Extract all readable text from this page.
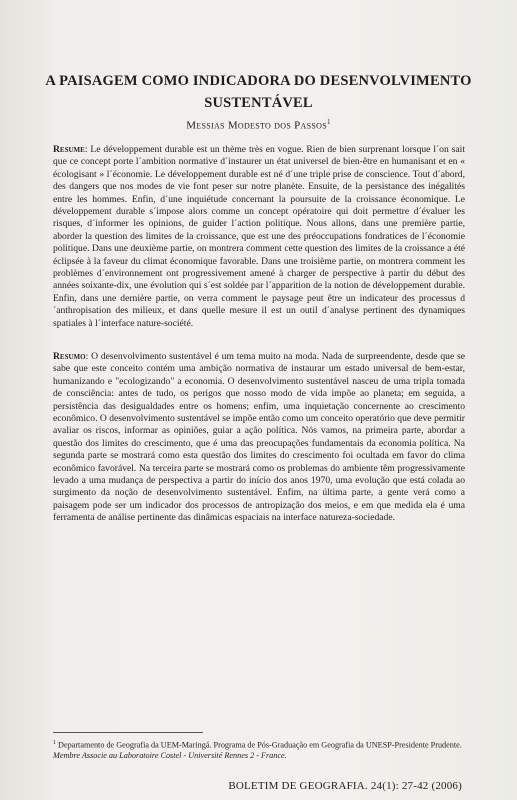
A PAISAGEM COMO INDICADORA DO DESENVOLVIMENTO SUSTENTÁVEL
Messias Modesto dos Passos$^1$

Resume: Le développement durable est un thème très en vogue. Rien de bien surprenant lorsque l´on sait que ce concept porte l´ambition normative d´instaurer un état universel de bien-être en humanisant et en « écologisant » l´économie. Le développement durable est né d´une triple prise de conscience. Tout d´abord, des dangers que nos modes de vie font peser sur notre planète. Ensuite, de la persistance des inégalités entre les hommes. Enfin, d´une inquiétude concernant la poursuite de la croissance économique. Le développement durable s´impose alors comme un concept opératoire qui doit permettre d´évaluer les risques, d´informer les opinions, de guider l´action politique. Nous allons, dans une première partie, aborder la question des limites de la croissance, que est une des préoccupations fondratices de l´économie politique. Dans une deuxième partie, on montrera comment cette question des limites de la croissance a été éclipsée à la faveur du climat économique favorable. Dans une troisième partie, on montrera comment les problèmes d´environnement ont progressivement amené à charger de perspective à partir du début des années soixante-dix, une évolution qui s´est soldée par l´apparition de la notion de développement durable. Enfin, dans une dernière partie, on verra comment le paysage peut être un indicateur des processus d´anthropisation des milieux, et dans quelle mesure il est un outil d´analyse pertinent des dynamiques spatiales à l´interface nature-société.

Resumo: O desenvolvimento sustentável é um tema muito na moda. Nada de surpreendente, desde que se sabe que este conceito contém uma ambição normativa de instaurar um estado universal de bem-estar, humanizando e "ecologizando" a economia. O desenvolvimento sustentável nasceu de uma tripla tomada de consciência: antes de tudo, os perigos que nosso modo de vida impõe ao planeta; em seguida, a persistência das desigualdades entre os homens; enfim, uma inquietação concernente ao crescimento econômico. O desenvolvimento sustentável se impõe então como um conceito operatório que deve permitir avaliar os riscos, informar as opiniões, guiar a ação política. Nós vamos, na primeira parte, abordar a questão dos limites do crescimento, que é uma das preocupações fundamentais da economia política. Na segunda parte se mostrará como esta questão dos limites do crescimento foi ocultada em favor do clima econômico favorável. Na terceira parte se mostrará como os problemas do ambiente têm progressivamente levado a uma mudança de perspectiva a partir do início dos anos 1970, uma evolução que está colada ao surgimento da noção de desenvolvimento sustentável. Enfim, na última parte, a gente verá como a paisagem pode ser um indicador dos processos de antropização dos meios, e em que medida ela é uma ferramenta de análise pertinente das dinâmicas espaciais na interface natureza-sociedade.

$^1$ Departamento de Geografia da UEM-Maringá. Programa de Pós-Graduação em Geografia da UNESP-Presidente Prudente. Membre Associe au Laboratoire Costel - Université Rennes 2 - France.

BOLETIM DE GEOGRAFIA. 24(1): 27-42 (2006)
